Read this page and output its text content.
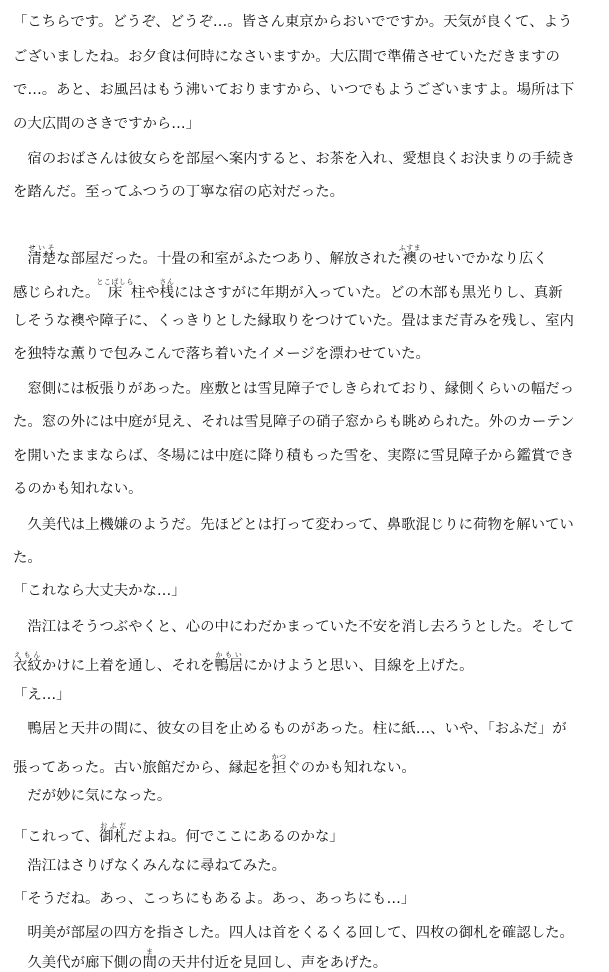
「こちらです。どうぞ、どうぞ…。皆さん東京からおいでですか。天気が良くて、よう
ございましたね。お夕食は何時になさいますか。大広間で準備させていただきますの
で…。あと、お風呂はもう沸いておりますから、いつでもようございますよ。場所は下
の大広間のさきですから…」
宿のおばさんは彼女らを部屋へ案内すると、お茶を入れ、愛想良くお決まりの手続き
を踏んだ。至ってふつうの丁寧な宿の応対だった。
清楚せいそな部屋だった。十畳の和室がふたつあり、解放された襖ふすまのせいでかなり広く
感じられた。床とこばしら柱や桟さんにはさすがに年期が入っていた。どの木部も黒光りし、真新
しそうな襖や障子に、くっきりとした縁取りをつけていた。畳はまだ青みを残し、室内
を独特な薫りで包みこんで落ち着いたイメージを漂わせていた。
窓側には板張りがあった。座敷とは雪見障子でしきられており、縁側くらいの幅だっ
た。窓の外には中庭が見え、それは雪見障子の硝子窓からも眺められた。外のカーテン
を開いたままならば、冬場には中庭に降り積もった雪を、実際に雪見障子から鑑賞でき
るのかも知れない。
久美代は上機嫌のようだ。先ほどとは打って変わって、鼻歌混じりに荷物を解いてい
た。
「これなら大丈夫かな…」
浩江はそうつぶやくと、心の中にわだかまっていた不安を消し去ろうとした。そして
衣紋えもんかけに上着を通し、それを鴨居かもいにかけようと思い、目線を上げた。
「え…」
鴨居と天井の間に、彼女の目を止めるものがあった。柱に紙…、いや、「おふだ」が
張ってあった。古い旅館だから、縁起を担かつぐのかも知れない。
だが妙に気になった。
「これって、御札おふだだよね。何でここにあるのかな」
浩江はさりげなくみんなに尋ねてみた。
「そうだね。あっ、こっちにもあるよ。あっ、あっちにも…」
明美が部屋の四方を指さした。四人は首をくるくる回して、四枚の御札を確認した。
久美代が廊下側の間まの天井付近を見回し、声をあげた。
